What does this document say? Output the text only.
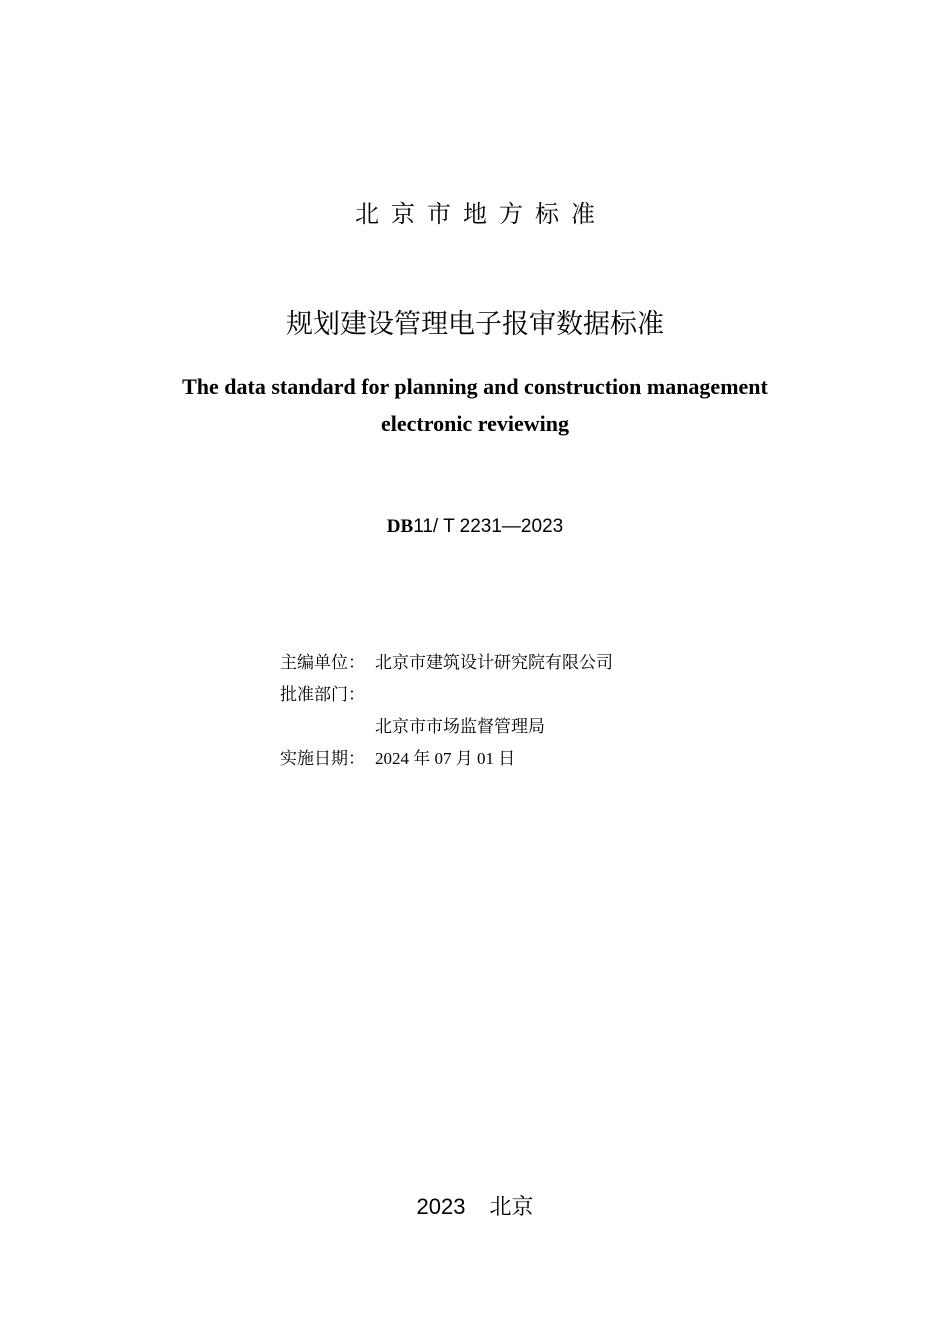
北京市地方标准
规划建设管理电子报审数据标准
The data standard for planning and construction management
electronic reviewing
DB11/ T 2231—2023
主编单位： 北京市建筑设计研究院有限公司
批准部门：
北京市市场监督管理局
实施日期： 2024 年 07 月 01 日
2023 北京
